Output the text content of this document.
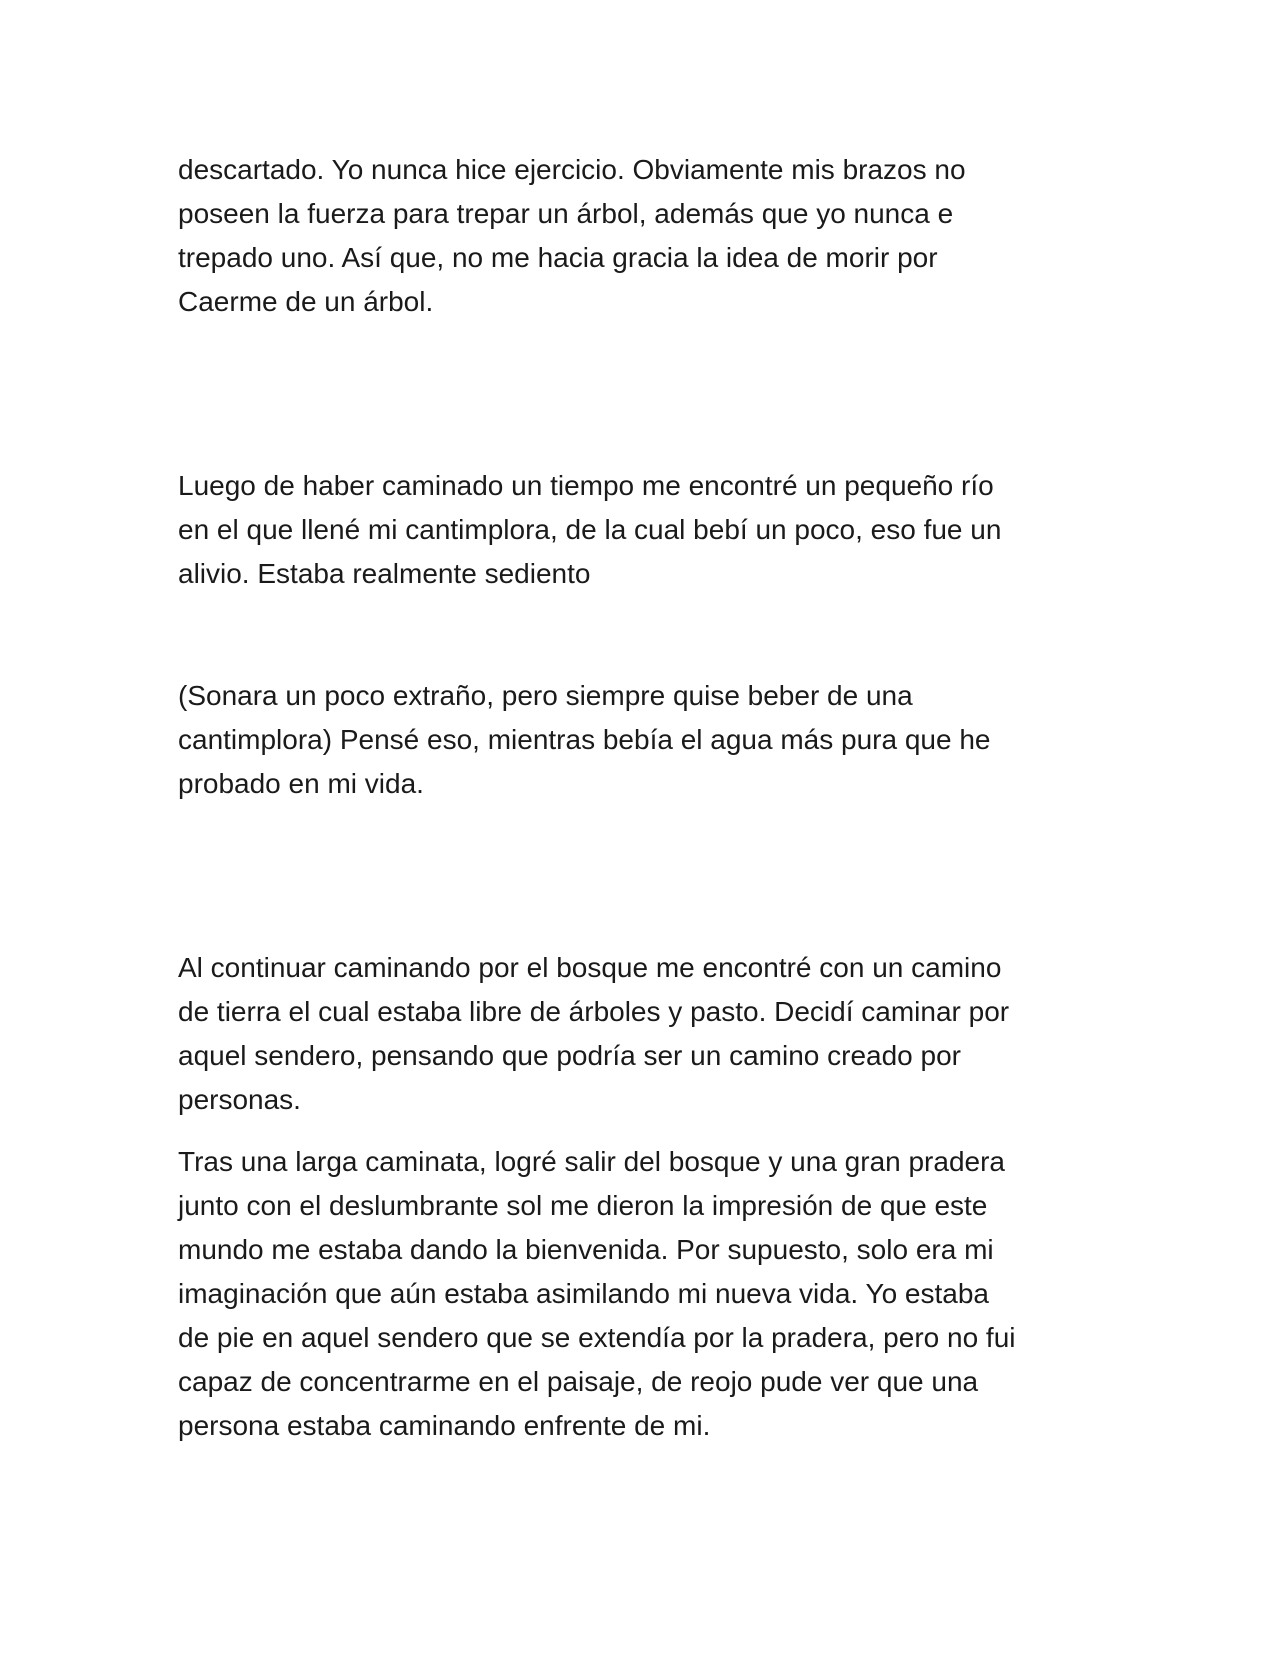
descartado. Yo nunca hice ejercicio. Obviamente mis brazos no
poseen la fuerza para trepar un árbol, además que yo nunca e
trepado uno. Así que, no me hacia gracia la idea de morir por
Caerme de un árbol.

Luego de haber caminado un tiempo me encontré un pequeño río
en el que llené mi cantimplora, de la cual bebí un poco, eso fue un
alivio. Estaba realmente sediento

(Sonara un poco extraño, pero siempre quise beber de una
cantimplora) Pensé eso, mientras bebía el agua más pura que he
probado en mi vida.

Al continuar caminando por el bosque me encontré con un camino
de tierra el cual estaba libre de árboles y pasto. Decidí caminar por
aquel sendero, pensando que podría ser un camino creado por
personas.

Tras una larga caminata, logré salir del bosque y una gran pradera
junto con el deslumbrante sol me dieron la impresión de que este
mundo me estaba dando la bienvenida. Por supuesto, solo era mi
imaginación que aún estaba asimilando mi nueva vida. Yo estaba
de pie en aquel sendero que se extendía por la pradera, pero no fui
capaz de concentrarme en el paisaje, de reojo pude ver que una
persona estaba caminando enfrente de mi.
